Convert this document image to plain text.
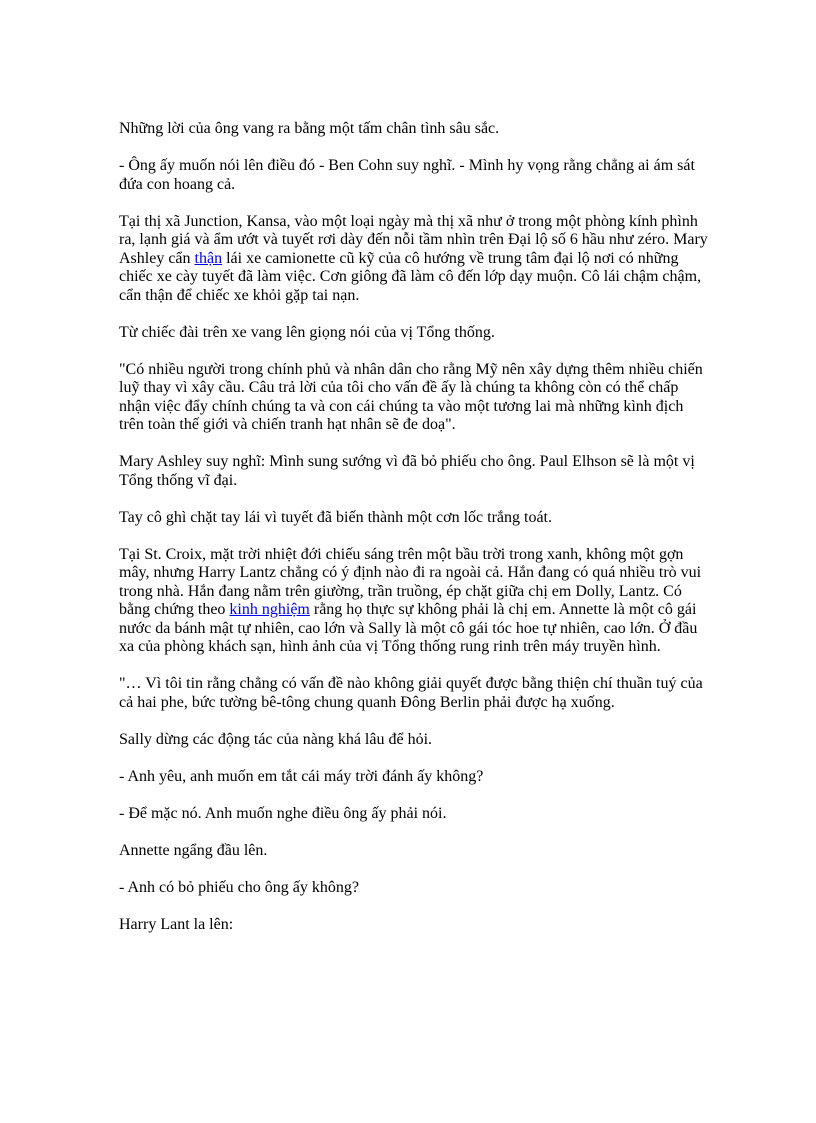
Những lời của ông vang ra bằng một tấm chân tình sâu sắc.

- Ông ấy muốn nói lên điều đó - Ben Cohn suy nghĩ. - Mình hy vọng rằng chẳng ai ám sát đứa con hoang cả.

Tại thị xã Junction, Kansa, vào một loại ngày mà thị xã như ở trong một phòng kính phình ra, lạnh giá và ẩm ướt và tuyết rơi dày đến nỗi tầm nhìn trên Đại lộ số 6 hầu như zéro. Mary Ashley cẩn thận lái xe camionette cũ kỹ của cô hướng về trung tâm đại lộ nơi có những chiếc xe cày tuyết đã làm việc. Cơn giông đã làm cô đến lớp dạy muộn. Cô lái chậm chậm, cẩn thận để chiếc xe khỏi gặp tai nạn.

Từ chiếc đài trên xe vang lên giọng nói của vị Tổng thống.

"Có nhiều người trong chính phủ và nhân dân cho rằng Mỹ nên xây dựng thêm nhiều chiến luỹ thay vì xây cầu. Câu trả lời của tôi cho vấn đề ấy là chúng ta không còn có thể chấp nhận việc đẩy chính chúng ta và con cái chúng ta vào một tương lai mà những kình địch trên toàn thế giới và chiến tranh hạt nhân sẽ đe doạ".

Mary Ashley suy nghĩ: Mình sung sướng vì đã bỏ phiếu cho ông. Paul Elhson sẽ là một vị Tổng thống vĩ đại.

Tay cô ghì chặt tay lái vì tuyết đã biến thành một cơn lốc trắng toát.

Tại St. Croix, mặt trời nhiệt đới chiếu sáng trên một bầu trời trong xanh, không một gợn mây, nhưng Harry Lantz chẳng có ý định nào đi ra ngoài cả. Hắn đang có quá nhiều trò vui trong nhà. Hắn đang nằm trên giường, trần truồng, ép chặt giữa chị em Dolly, Lantz. Có bằng chứng theo kinh nghiệm rằng họ thực sự không phải là chị em. Annette là một cô gái nước da bánh mật tự nhiên, cao lớn và Sally là một cô gái tóc hoe tự nhiên, cao lớn. Ở đầu xa của phòng khách sạn, hình ảnh của vị Tổng thống rung rinh trên máy truyền hình.

"… Vì tôi tin rằng chẳng có vấn đề nào không giải quyết được bằng thiện chí thuần tuý của cả hai phe, bức tường bê-tông chung quanh Đông Berlin phải được hạ xuống.

Sally dừng các động tác của nàng khá lâu để hỏi.

- Anh yêu, anh muốn em tắt cái máy trời đánh ấy không?

- Để mặc nó. Anh muốn nghe điều ông ấy phải nói.

Annette ngẩng đầu lên.

- Anh có bỏ phiếu cho ông ấy không?

Harry Lant la lên:
